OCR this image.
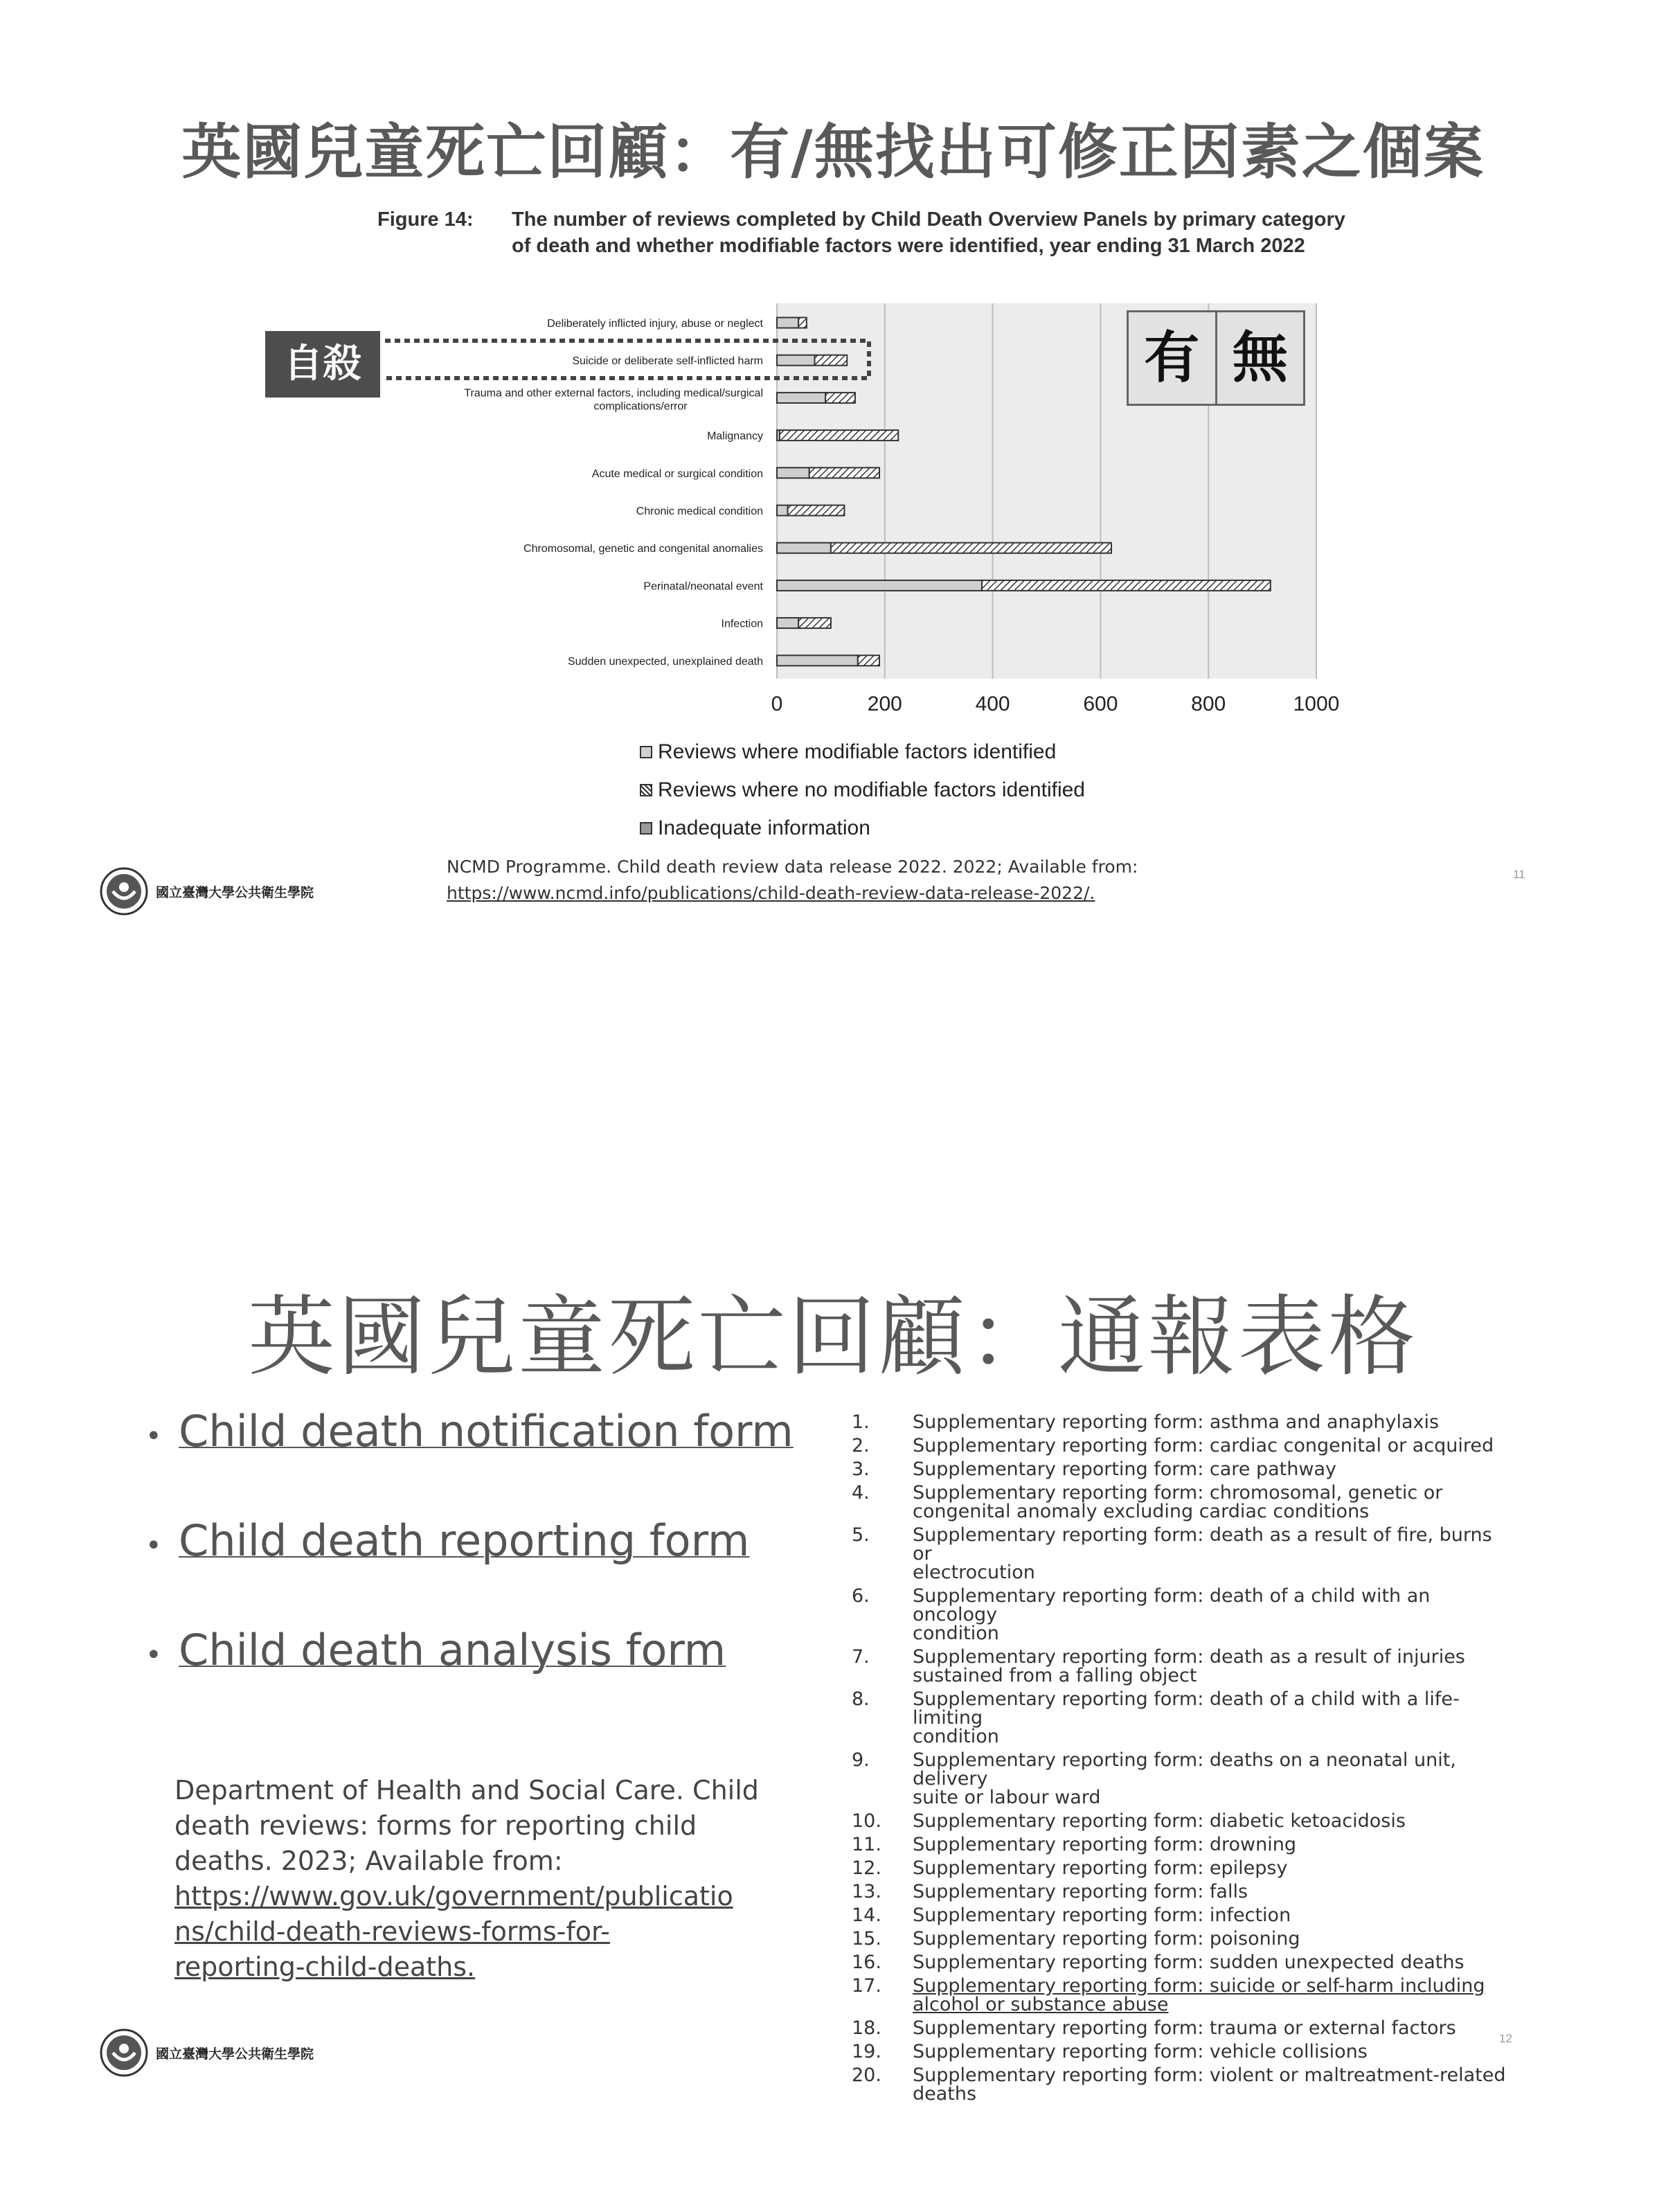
英國兒童死亡回顧：有/無找出可修正因素之個案
Figure 14: The number of reviews completed by Child Death Overview Panels by primary category of death and whether modifiable factors were identified, year ending 31 March 2022
Deliberately inflicted injury, abuse or neglect
Suicide or deliberate self-inflicted harm
Trauma and other external factors, including medical/surgical
complications/error
Malignancy
Acute medical or surgical condition
Chronic medical condition
Chromosomal, genetic and congenital anomalies
Perinatal/neonatal event
Infection
Sudden unexpected, unexplained death
0	200	400	600	800	1000
自殺	有 無
Reviews where modifiable factors identified
Reviews where no modifiable factors identified
Inadequate information
NCMD Programme. Child death review data release 2022. 2022; Available from:
https://www.ncmd.info/publications/child-death-review-data-release-2022/.
國立臺灣大學公共衛生學院
11
英國兒童死亡回顧：通報表格
• Child death notification form
• Child death reporting form
• Child death analysis form
Department of Health and Social Care. Child
death reviews: forms for reporting child
deaths. 2023; Available from:
https://www.gov.uk/government/publicatio
ns/child-death-reviews-forms-for-
reporting-child-deaths.
1.	Supplementary reporting form: asthma and anaphylaxis
2.	Supplementary reporting form: cardiac congenital or acquired
3.	Supplementary reporting form: care pathway
4.	Supplementary reporting form: chromosomal, genetic or
congenital anomaly excluding cardiac conditions
5.	Supplementary reporting form: death as a result of fire, burns or
electrocution
6.	Supplementary reporting form: death of a child with an oncology
condition
7.	Supplementary reporting form: death as a result of injuries
sustained from a falling object
8.	Supplementary reporting form: death of a child with a life-limiting
condition
9.	Supplementary reporting form: deaths on a neonatal unit, delivery
suite or labour ward
10.	Supplementary reporting form: diabetic ketoacidosis
11.	Supplementary reporting form: drowning
12.	Supplementary reporting form: epilepsy
13.	Supplementary reporting form: falls
14.	Supplementary reporting form: infection
15.	Supplementary reporting form: poisoning
16.	Supplementary reporting form: sudden unexpected deaths
17.	Supplementary reporting form: suicide or self-harm including
alcohol or substance abuse
18.	Supplementary reporting form: trauma or external factors
19.	Supplementary reporting form: vehicle collisions
20.	Supplementary reporting form: violent or maltreatment-related
deaths
國立臺灣大學公共衛生學院
12
